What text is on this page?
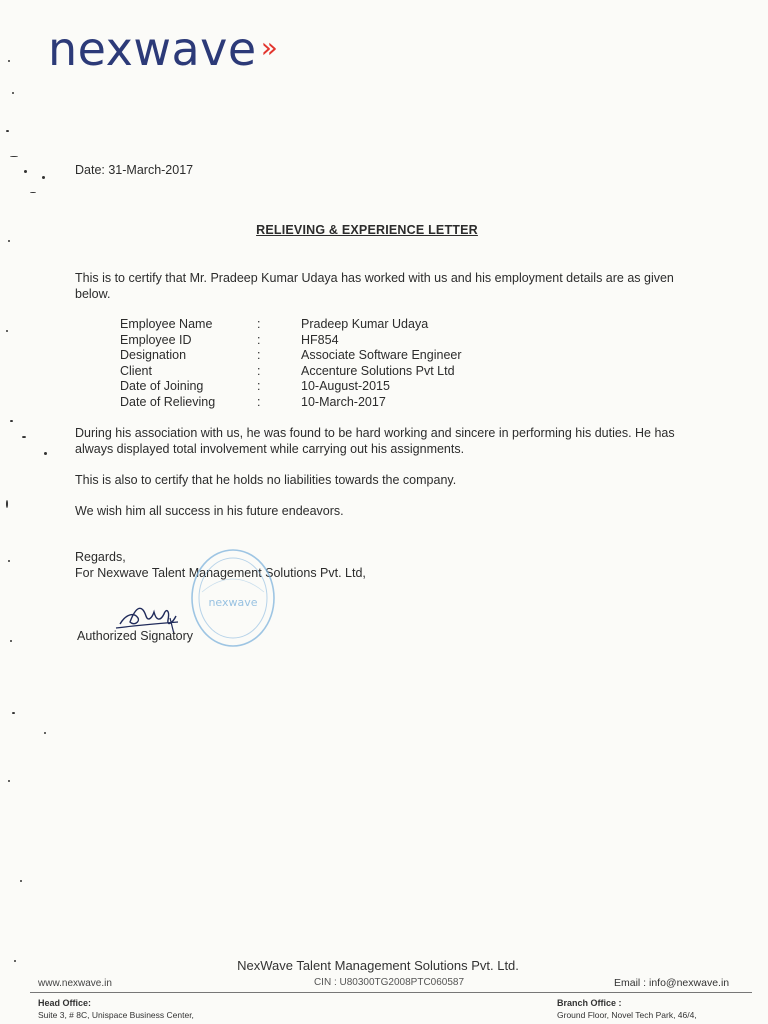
nexwave »
Date: 31-March-2017
RELIEVING & EXPERIENCE LETTER
This is to certify that Mr. Pradeep Kumar Udaya has worked with us and his employment details are as given below.
Employee Name	:	Pradeep Kumar Udaya
Employee ID	:	HF854
Designation	:	Associate Software Engineer
Client	:	Accenture Solutions Pvt Ltd
Date of Joining	:	10-August-2015
Date of Relieving	:	10-March-2017
During his association with us, he was found to be hard working and sincere in performing his duties. He has always displayed total involvement while carrying out his assignments.
This is also to certify that he holds no liabilities towards the company.
We wish him all success in his future endeavors.
Regards,
For Nexwave Talent Management Solutions Pvt. Ltd,
nexwave
Authorized Signatory
NexWave Talent Management Solutions Pvt. Ltd.
www.nexwave.in	CIN : U80300TG2008PTC060587	Email : info@nexwave.in
Head Office:
Suite 3, # 8C, Unispace Business Center,
Branch Office :
Ground Floor, Novel Tech Park, 46/4,
